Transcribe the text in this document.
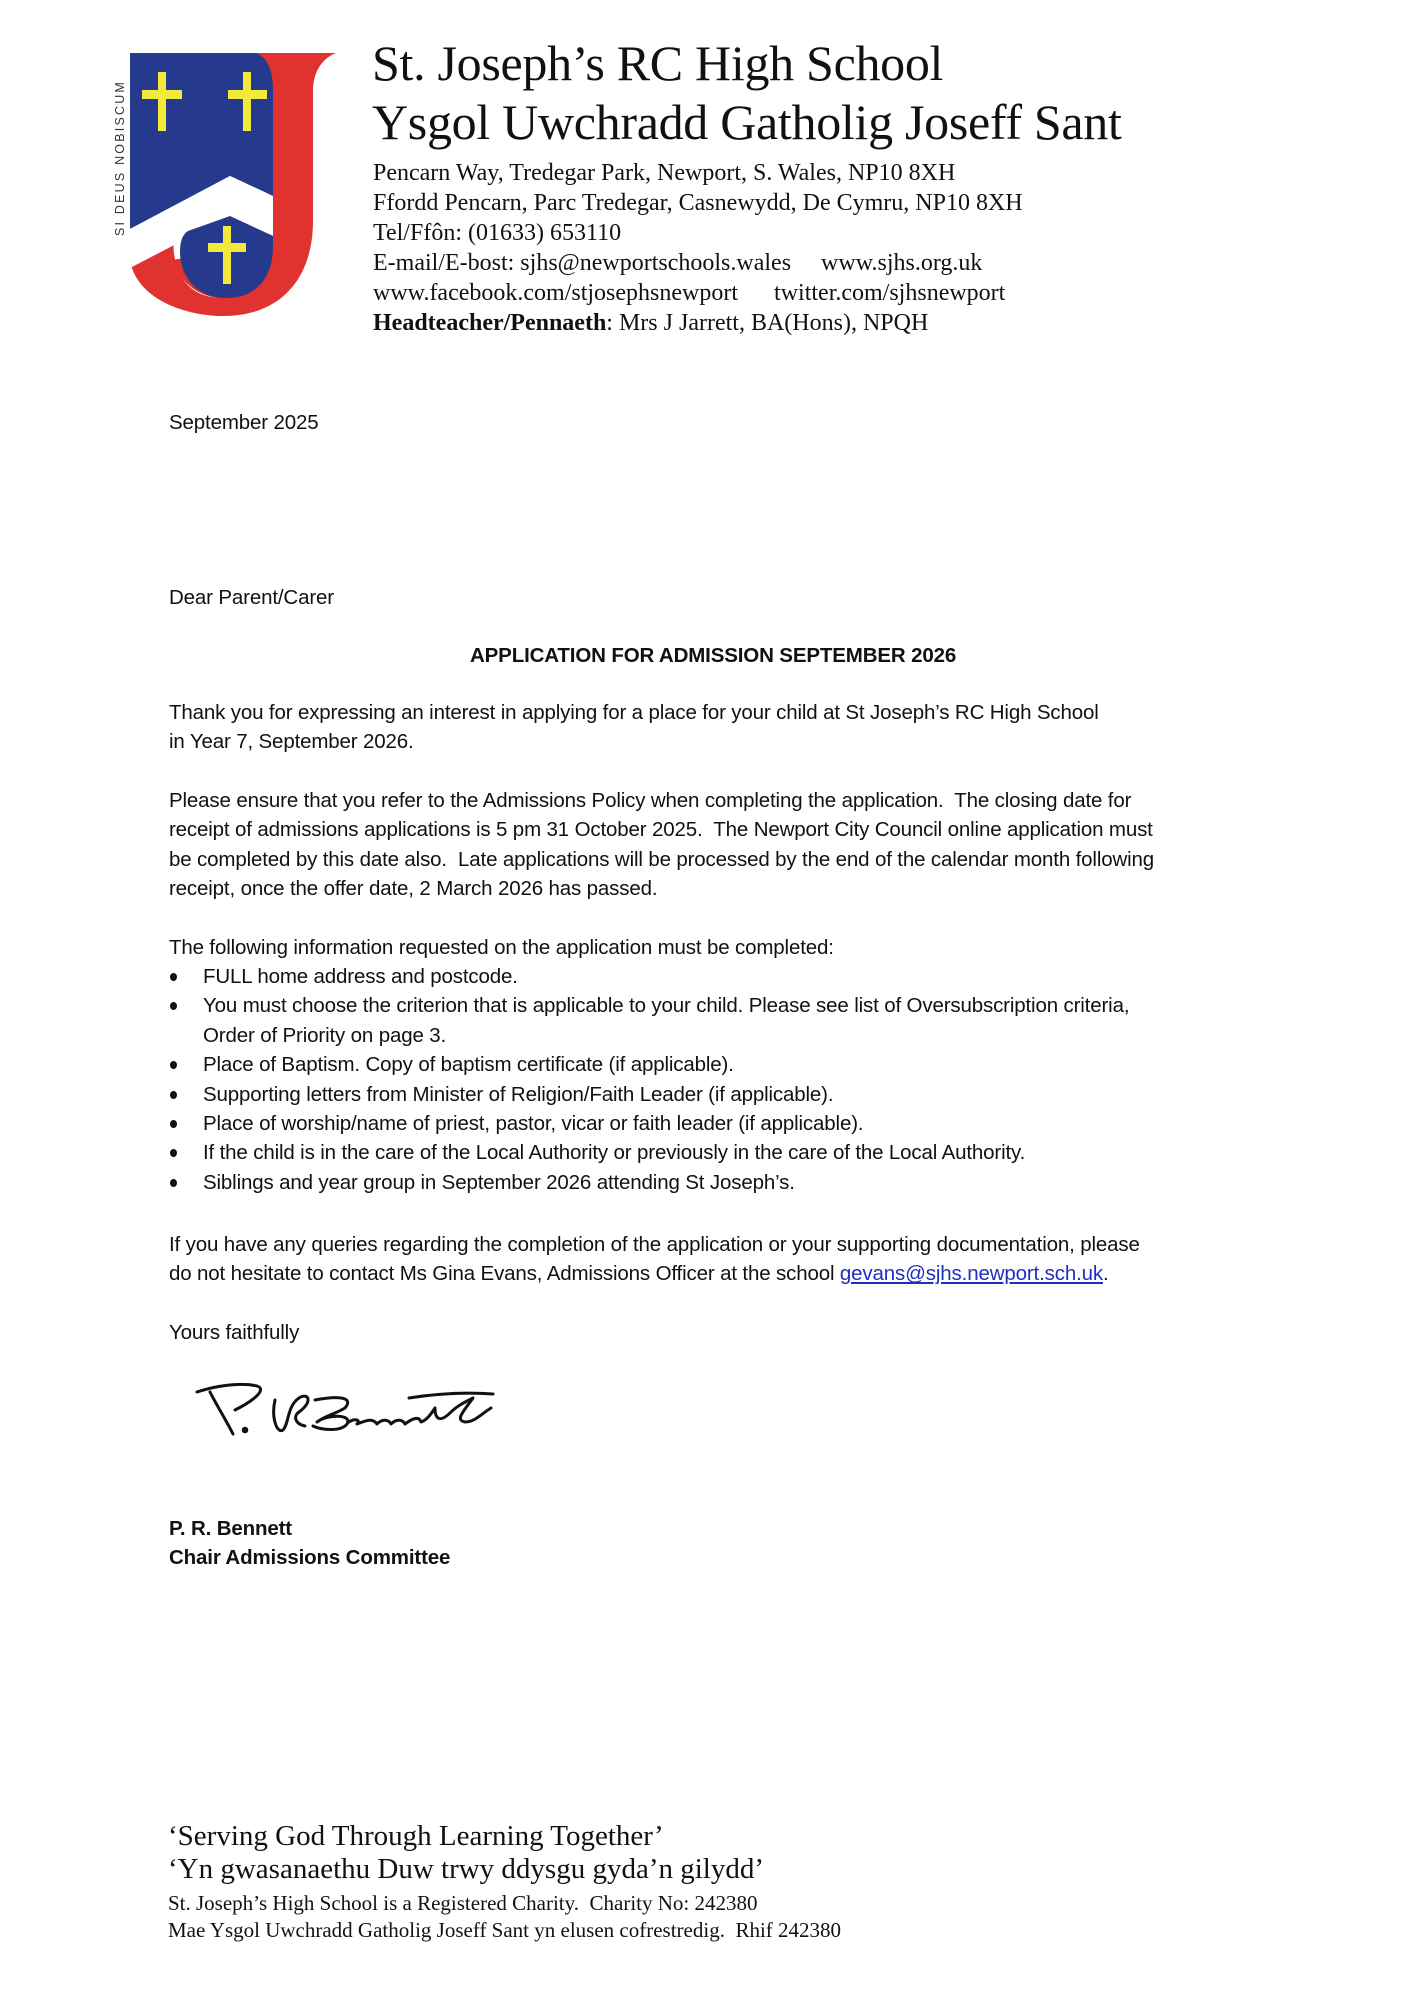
SI DEUS NOBISCUM
St. Joseph’s RC High School
Ysgol Uwchradd Gatholig Joseff Sant
Pencarn Way, Tredegar Park, Newport, S. Wales, NP10 8XH
Ffordd Pencarn, Parc Tredegar, Casnewydd, De Cymru, NP10 8XH
Tel/Ffôn: (01633) 653110
E-mail/E-bost: sjhs@newportschools.wales www.sjhs.org.uk
www.facebook.com/stjosephsnewport twitter.com/sjhsnewport
Headteacher/Pennaeth: Mrs J Jarrett, BA(Hons), NPQH
September 2025
Dear Parent/Carer
APPLICATION FOR ADMISSION SEPTEMBER 2026

Thank you for expressing an interest in applying for a place for your child at St Joseph’s RC High School

in Year 7, September 2026.

Please ensure that you refer to the Admissions Policy when completing the application.  The closing date for

receipt of admissions applications is 5 pm 31 October 2025.  The Newport City Council online application must

be completed by this date also.  Late applications will be processed by the end of the calendar month following

receipt, once the offer date, 2 March 2026 has passed.

The following information requested on the application must be completed:
FULL home address and postcode.
You must choose the criterion that is applicable to your child. Please see list of Oversubscription criteria,
Order of Priority on page 3.
Place of Baptism. Copy of baptism certificate (if applicable).
Supporting letters from Minister of Religion/Faith Leader (if applicable).
Place of worship/name of priest, pastor, vicar or faith leader (if applicable).
If the child is in the care of the Local Authority or previously in the care of the Local Authority.
Siblings and year group in September 2026 attending St Joseph’s.

If you have any queries regarding the completion of the application or your supporting documentation, please

do not hesitate to contact Ms Gina Evans, Admissions Officer at the school gevans@sjhs.newport.sch.uk.

Yours faithfully
P. R. Bennett
Chair Admissions Committee
‘Serving God Through Learning Together’
‘Yn gwasanaethu Duw trwy ddysgu gyda’n gilydd’
St. Joseph’s High School is a Registered Charity.  Charity No: 242380
Mae Ysgol Uwchradd Gatholig Joseff Sant yn elusen cofrestredig.  Rhif 242380
